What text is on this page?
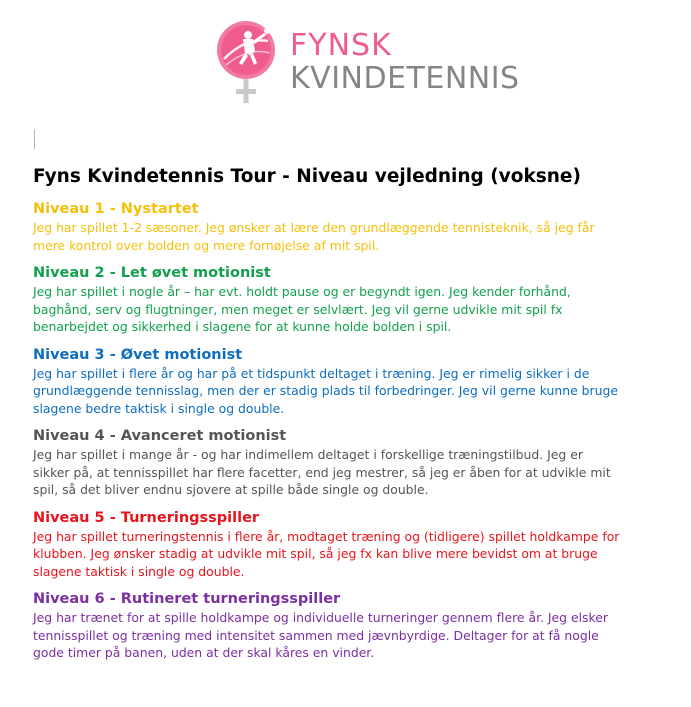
FYNSK
KVINDETENNIS
Fyns Kvindetennis Tour - Niveau vejledning (voksne)

Niveau 1 - Nystartet

Jeg har spillet 1-2 sæsoner. Jeg ønsker at lære den grundlæggende tennisteknik, så jeg får
mere kontrol over bolden og mere fornøjelse af mit spil.

Niveau 2 - Let øvet motionist

Jeg har spillet i nogle år – har evt. holdt pause og er begyndt igen. Jeg kender forhånd,
baghånd, serv og flugtninger, men meget er selvlært. Jeg vil gerne udvikle mit spil fx
benarbejdet og sikkerhed i slagene for at kunne holde bolden i spil.

Niveau 3 - Øvet motionist

Jeg har spillet i flere år og har på et tidspunkt deltaget i træning. Jeg er rimelig sikker i de
grundlæggende tennisslag, men der er stadig plads til forbedringer. Jeg vil gerne kunne bruge
slagene bedre taktisk i single og double.

Niveau 4 - Avanceret motionist

Jeg har spillet i mange år - og har indimellem deltaget i forskellige træningstilbud. Jeg er
sikker på, at tennisspillet har flere facetter, end jeg mestrer, så jeg er åben for at udvikle mit
spil, så det bliver endnu sjovere at spille både single og double.

Niveau 5 - Turneringsspiller

Jeg har spillet turneringstennis i flere år, modtaget træning og (tidligere) spillet holdkampe for
klubben. Jeg ønsker stadig at udvikle mit spil, så jeg fx kan blive mere bevidst om at bruge
slagene taktisk i single og double.

Niveau 6 - Rutineret turneringsspiller

Jeg har trænet for at spille holdkampe og individuelle turneringer gennem flere år. Jeg elsker
tennisspillet og træning med intensitet sammen med jævnbyrdige. Deltager for at få nogle
gode timer på banen, uden at der skal kåres en vinder.
